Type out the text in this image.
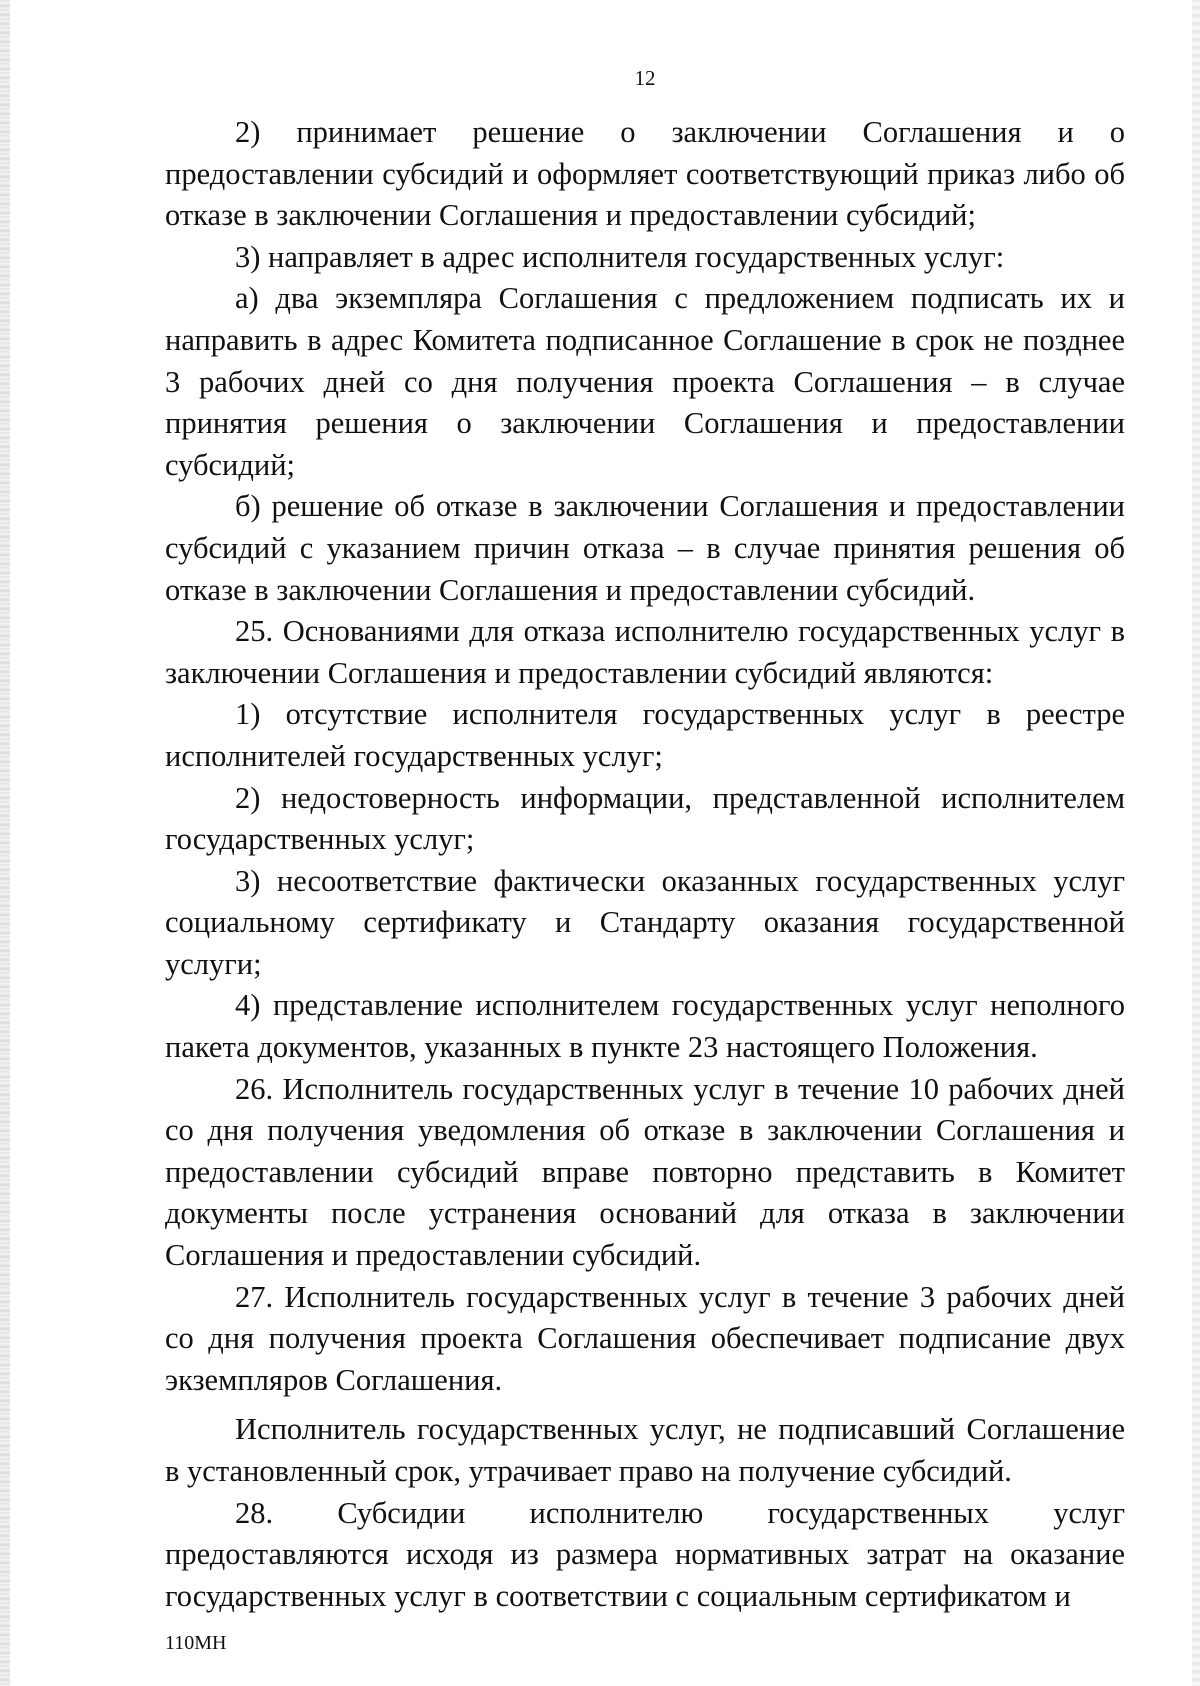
12

2) принимает решение о заключении Соглашения и о предоставлении субсидий и оформляет соответствующий приказ либо об отказе в заключении Соглашения и предоставлении субсидий;

3) направляет в адрес исполнителя государственных услуг:

а) два экземпляра Соглашения с предложением подписать их и направить в адрес Комитета подписанное Соглашение в срок не позднее 3 рабочих дней со дня получения проекта Соглашения – в случае принятия решения о заключении Соглашения и предоставлении субсидий;

б) решение об отказе в заключении Соглашения и предоставлении субсидий с указанием причин отказа – в случае принятия решения об отказе в заключении Соглашения и предоставлении субсидий.

25. Основаниями для отказа исполнителю государственных услуг в заключении Соглашения и предоставлении субсидий являются:

1) отсутствие исполнителя государственных услуг в реестре исполнителей государственных услуг;

2) недостоверность информации, представленной исполнителем государственных услуг;

3) несоответствие фактически оказанных государственных услуг социальному сертификату и Стандарту оказания государственной услуги;

4) представление исполнителем государственных услуг неполного пакета документов, указанных в пункте 23 настоящего Положения.

26. Исполнитель государственных услуг в течение 10 рабочих дней со дня получения уведомления об отказе в заключении Соглашения и предоставлении субсидий вправе повторно представить в Комитет документы после устранения оснований для отказа в заключении Соглашения и предоставлении субсидий.

27. Исполнитель государственных услуг в течение 3 рабочих дней со дня получения проекта Соглашения обеспечивает подписание двух экземпляров Соглашения.

Исполнитель государственных услуг, не подписавший Соглашение в установленный срок, утрачивает право на получение субсидий.

28. Субсидии исполнителю государственных услуг предоставляются исходя из размера нормативных затрат на оказание государственных услуг в соответствии с социальным сертификатом и

110МН
